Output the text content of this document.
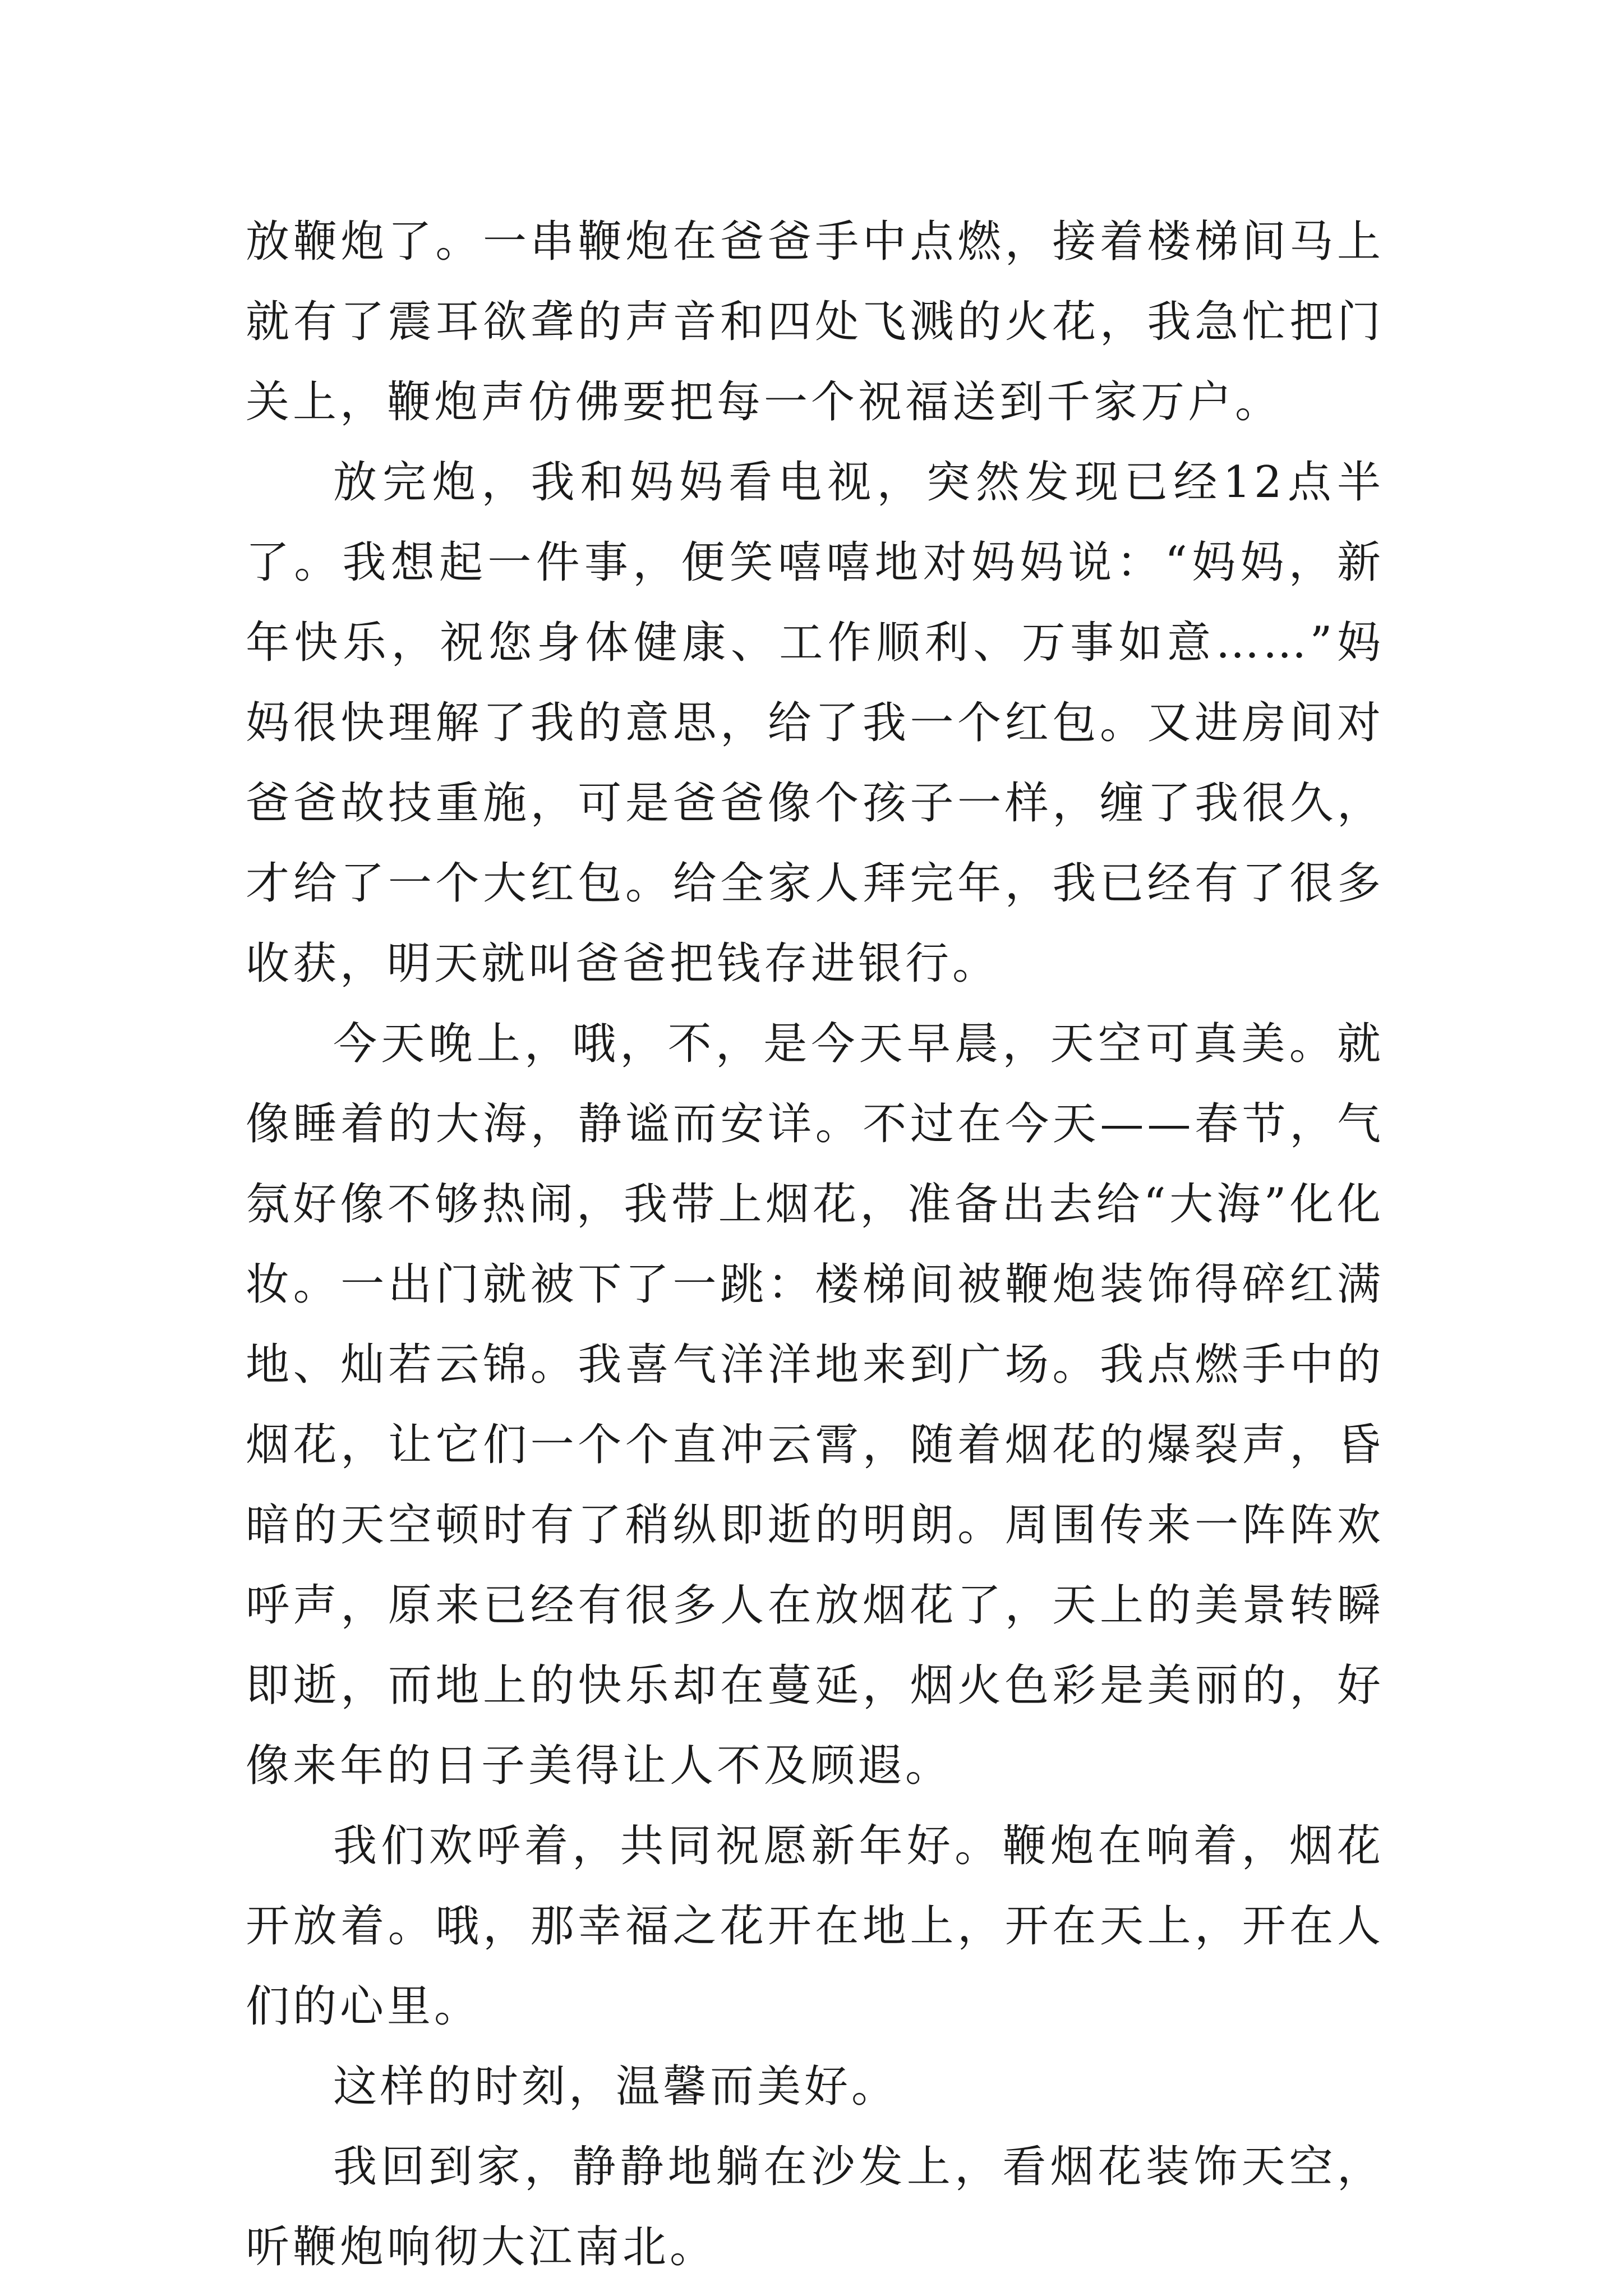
放鞭炮了。一串鞭炮在爸爸手中点燃，接着楼梯间马上就有了震耳欲聋的声音和四处飞溅的火花，我急忙把门关上，鞭炮声仿佛要把每一个祝福送到千家万户。

放完炮，我和妈妈看电视，突然发现已经12点半了。我想起一件事，便笑嘻嘻地对妈妈说：“妈妈，新年快乐，祝您身体健康、工作顺利、万事如意……”妈妈很快理解了我的意思，给了我一个红包。又进房间对爸爸故技重施，可是爸爸像个孩子一样，缠了我很久，才给了一个大红包。给全家人拜完年，我已经有了很多收获，明天就叫爸爸把钱存进银行。

今天晚上，哦，不，是今天早晨，天空可真美。就像睡着的大海，静谧而安详。不过在今天——春节，气氛好像不够热闹，我带上烟花，准备出去给“大海”化化妆。一出门就被下了一跳：楼梯间被鞭炮装饰得碎红满地、灿若云锦。我喜气洋洋地来到广场。我点燃手中的烟花，让它们一个个直冲云霄，随着烟花的爆裂声，昏暗的天空顿时有了稍纵即逝的明朗。周围传来一阵阵欢呼声，原来已经有很多人在放烟花了，天上的美景转瞬即逝，而地上的快乐却在蔓延，烟火色彩是美丽的，好像来年的日子美得让人不及顾遐。

我们欢呼着，共同祝愿新年好。鞭炮在响着，烟花开放着。哦，那幸福之花开在地上，开在天上，开在人们的心里。

这样的时刻，温馨而美好。

我回到家，静静地躺在沙发上，看烟花装饰天空，听鞭炮响彻大江南北。
